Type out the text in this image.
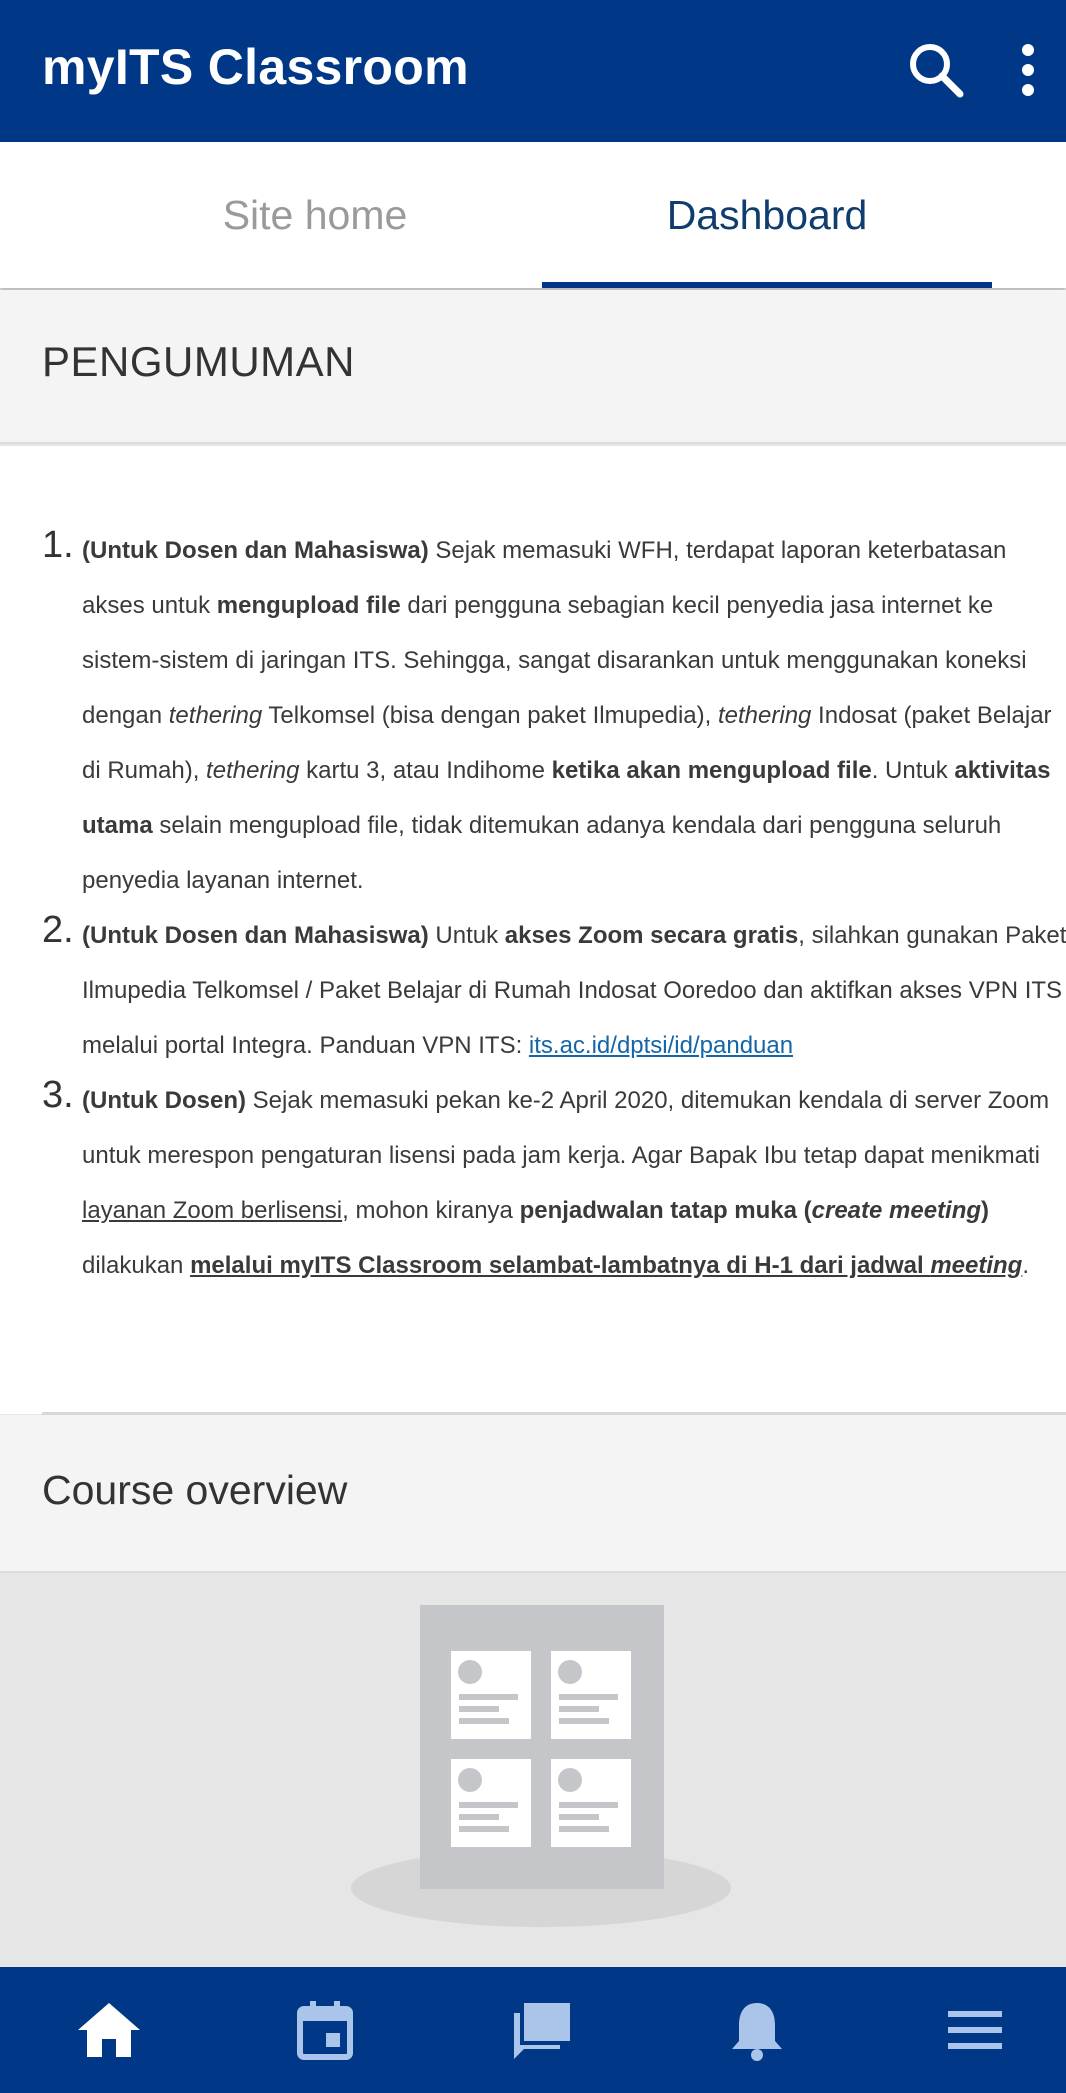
myITS Classroom
Site home	Dashboard
PENGUMUMAN
1. (Untuk Dosen dan Mahasiswa) Sejak memasuki WFH, terdapat laporan keterbatasan akses untuk mengupload file dari pengguna sebagian kecil penyedia jasa internet ke sistem-sistem di jaringan ITS. Sehingga, sangat disarankan untuk menggunakan koneksi dengan tethering Telkomsel (bisa dengan paket Ilmupedia), tethering Indosat (paket Belajar di Rumah), tethering kartu 3, atau Indihome ketika akan mengupload file. Untuk aktivitas utama selain mengupload file, tidak ditemukan adanya kendala dari pengguna seluruh penyedia layanan internet.
2. (Untuk Dosen dan Mahasiswa) Untuk akses Zoom secara gratis, silahkan gunakan Paket Ilmupedia Telkomsel / Paket Belajar di Rumah Indosat Ooredoo dan aktifkan akses VPN ITS melalui portal Integra. Panduan VPN ITS: its.ac.id/dptsi/id/panduan
3. (Untuk Dosen) Sejak memasuki pekan ke-2 April 2020, ditemukan kendala di server Zoom untuk merespon pengaturan lisensi pada jam kerja. Agar Bapak Ibu tetap dapat menikmati layanan Zoom berlisensi, mohon kiranya penjadwalan tatap muka (create meeting) dilakukan melalui myITS Classroom selambat-lambatnya di H-1 dari jadwal meeting.
Course overview
